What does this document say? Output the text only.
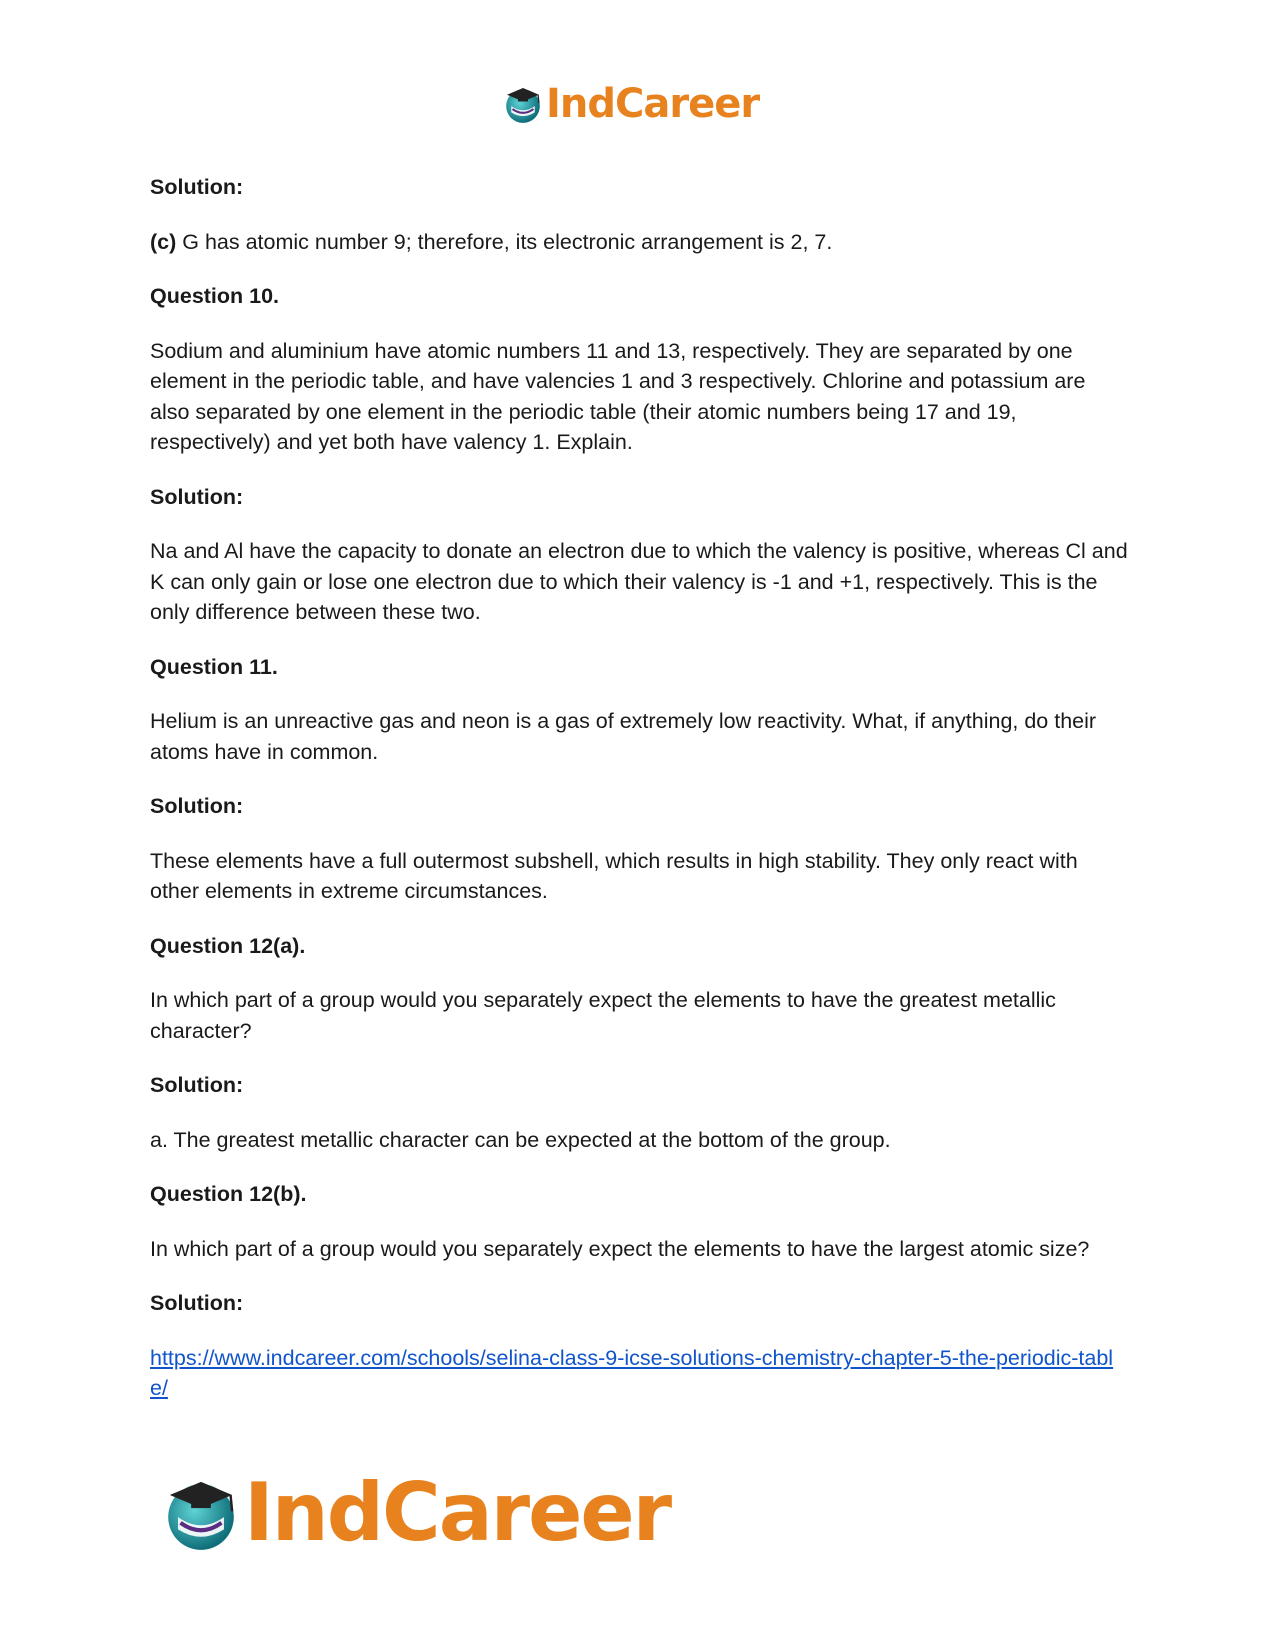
IndCareer

Solution:

(c) G has atomic number 9; therefore, its electronic arrangement is 2, 7.

Question 10.

Sodium and aluminium have atomic numbers 11 and 13, respectively. They are separated by one element in the periodic table, and have valencies 1 and 3 respectively. Chlorine and potassium are also separated by one element in the periodic table (their atomic numbers being 17 and 19, respectively) and yet both have valency 1. Explain.

Solution:

Na and Al have the capacity to donate an electron due to which the valency is positive, whereas Cl and K can only gain or lose one electron due to which their valency is -1 and +1, respectively. This is the only difference between these two.

Question 11.

Helium is an unreactive gas and neon is a gas of extremely low reactivity. What, if anything, do their atoms have in common.

Solution:

These elements have a full outermost subshell, which results in high stability. They only react with other elements in extreme circumstances.

Question 12(a).

In which part of a group would you separately expect the elements to have the greatest metallic character?

Solution:

a. The greatest metallic character can be expected at the bottom of the group.

Question 12(b).

In which part of a group would you separately expect the elements to have the largest atomic size?

Solution:

https://www.indcareer.com/schools/selina-class-9-icse-solutions-chemistry-chapter-5-the-periodic-table/
IndCareer
